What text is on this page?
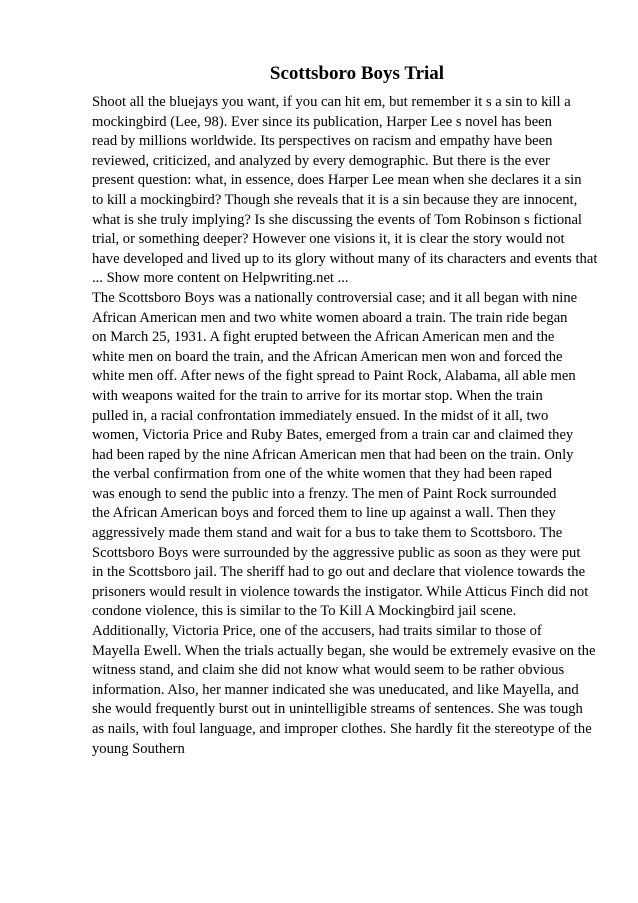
Scottsboro Boys Trial
Shoot all the bluejays you want, if you can hit em, but remember it s a sin to kill a
mockingbird (Lee, 98). Ever since its publication, Harper Lee s novel has been
read by millions worldwide. Its perspectives on racism and empathy have been
reviewed, criticized, and analyzed by every demographic. But there is the ever
present question: what, in essence, does Harper Lee mean when she declares it a sin
to kill a mockingbird? Though she reveals that it is a sin because they are innocent,
what is she truly implying? Is she discussing the events of Tom Robinson s fictional
trial, or something deeper? However one visions it, it is clear the story would not
have developed and lived up to its glory without many of its characters and events that
... Show more content on Helpwriting.net ...
The Scottsboro Boys was a nationally controversial case; and it all began with nine
African American men and two white women aboard a train. The train ride began
on March 25, 1931. A fight erupted between the African American men and the
white men on board the train, and the African American men won and forced the
white men off. After news of the fight spread to Paint Rock, Alabama, all able men
with weapons waited for the train to arrive for its mortar stop. When the train
pulled in, a racial confrontation immediately ensued. In the midst of it all, two
women, Victoria Price and Ruby Bates, emerged from a train car and claimed they
had been raped by the nine African American men that had been on the train. Only
the verbal confirmation from one of the white women that they had been raped
was enough to send the public into a frenzy. The men of Paint Rock surrounded
the African American boys and forced them to line up against a wall. Then they
aggressively made them stand and wait for a bus to take them to Scottsboro. The
Scottsboro Boys were surrounded by the aggressive public as soon as they were put
in the Scottsboro jail. The sheriff had to go out and declare that violence towards the
prisoners would result in violence towards the instigator. While Atticus Finch did not
condone violence, this is similar to the To Kill A Mockingbird jail scene.
Additionally, Victoria Price, one of the accusers, had traits similar to those of
Mayella Ewell. When the trials actually began, she would be extremely evasive on the
witness stand, and claim she did not know what would seem to be rather obvious
information. Also, her manner indicated she was uneducated, and like Mayella, and
she would frequently burst out in unintelligible streams of sentences. She was tough
as nails, with foul language, and improper clothes. She hardly fit the stereotype of the
young Southern
